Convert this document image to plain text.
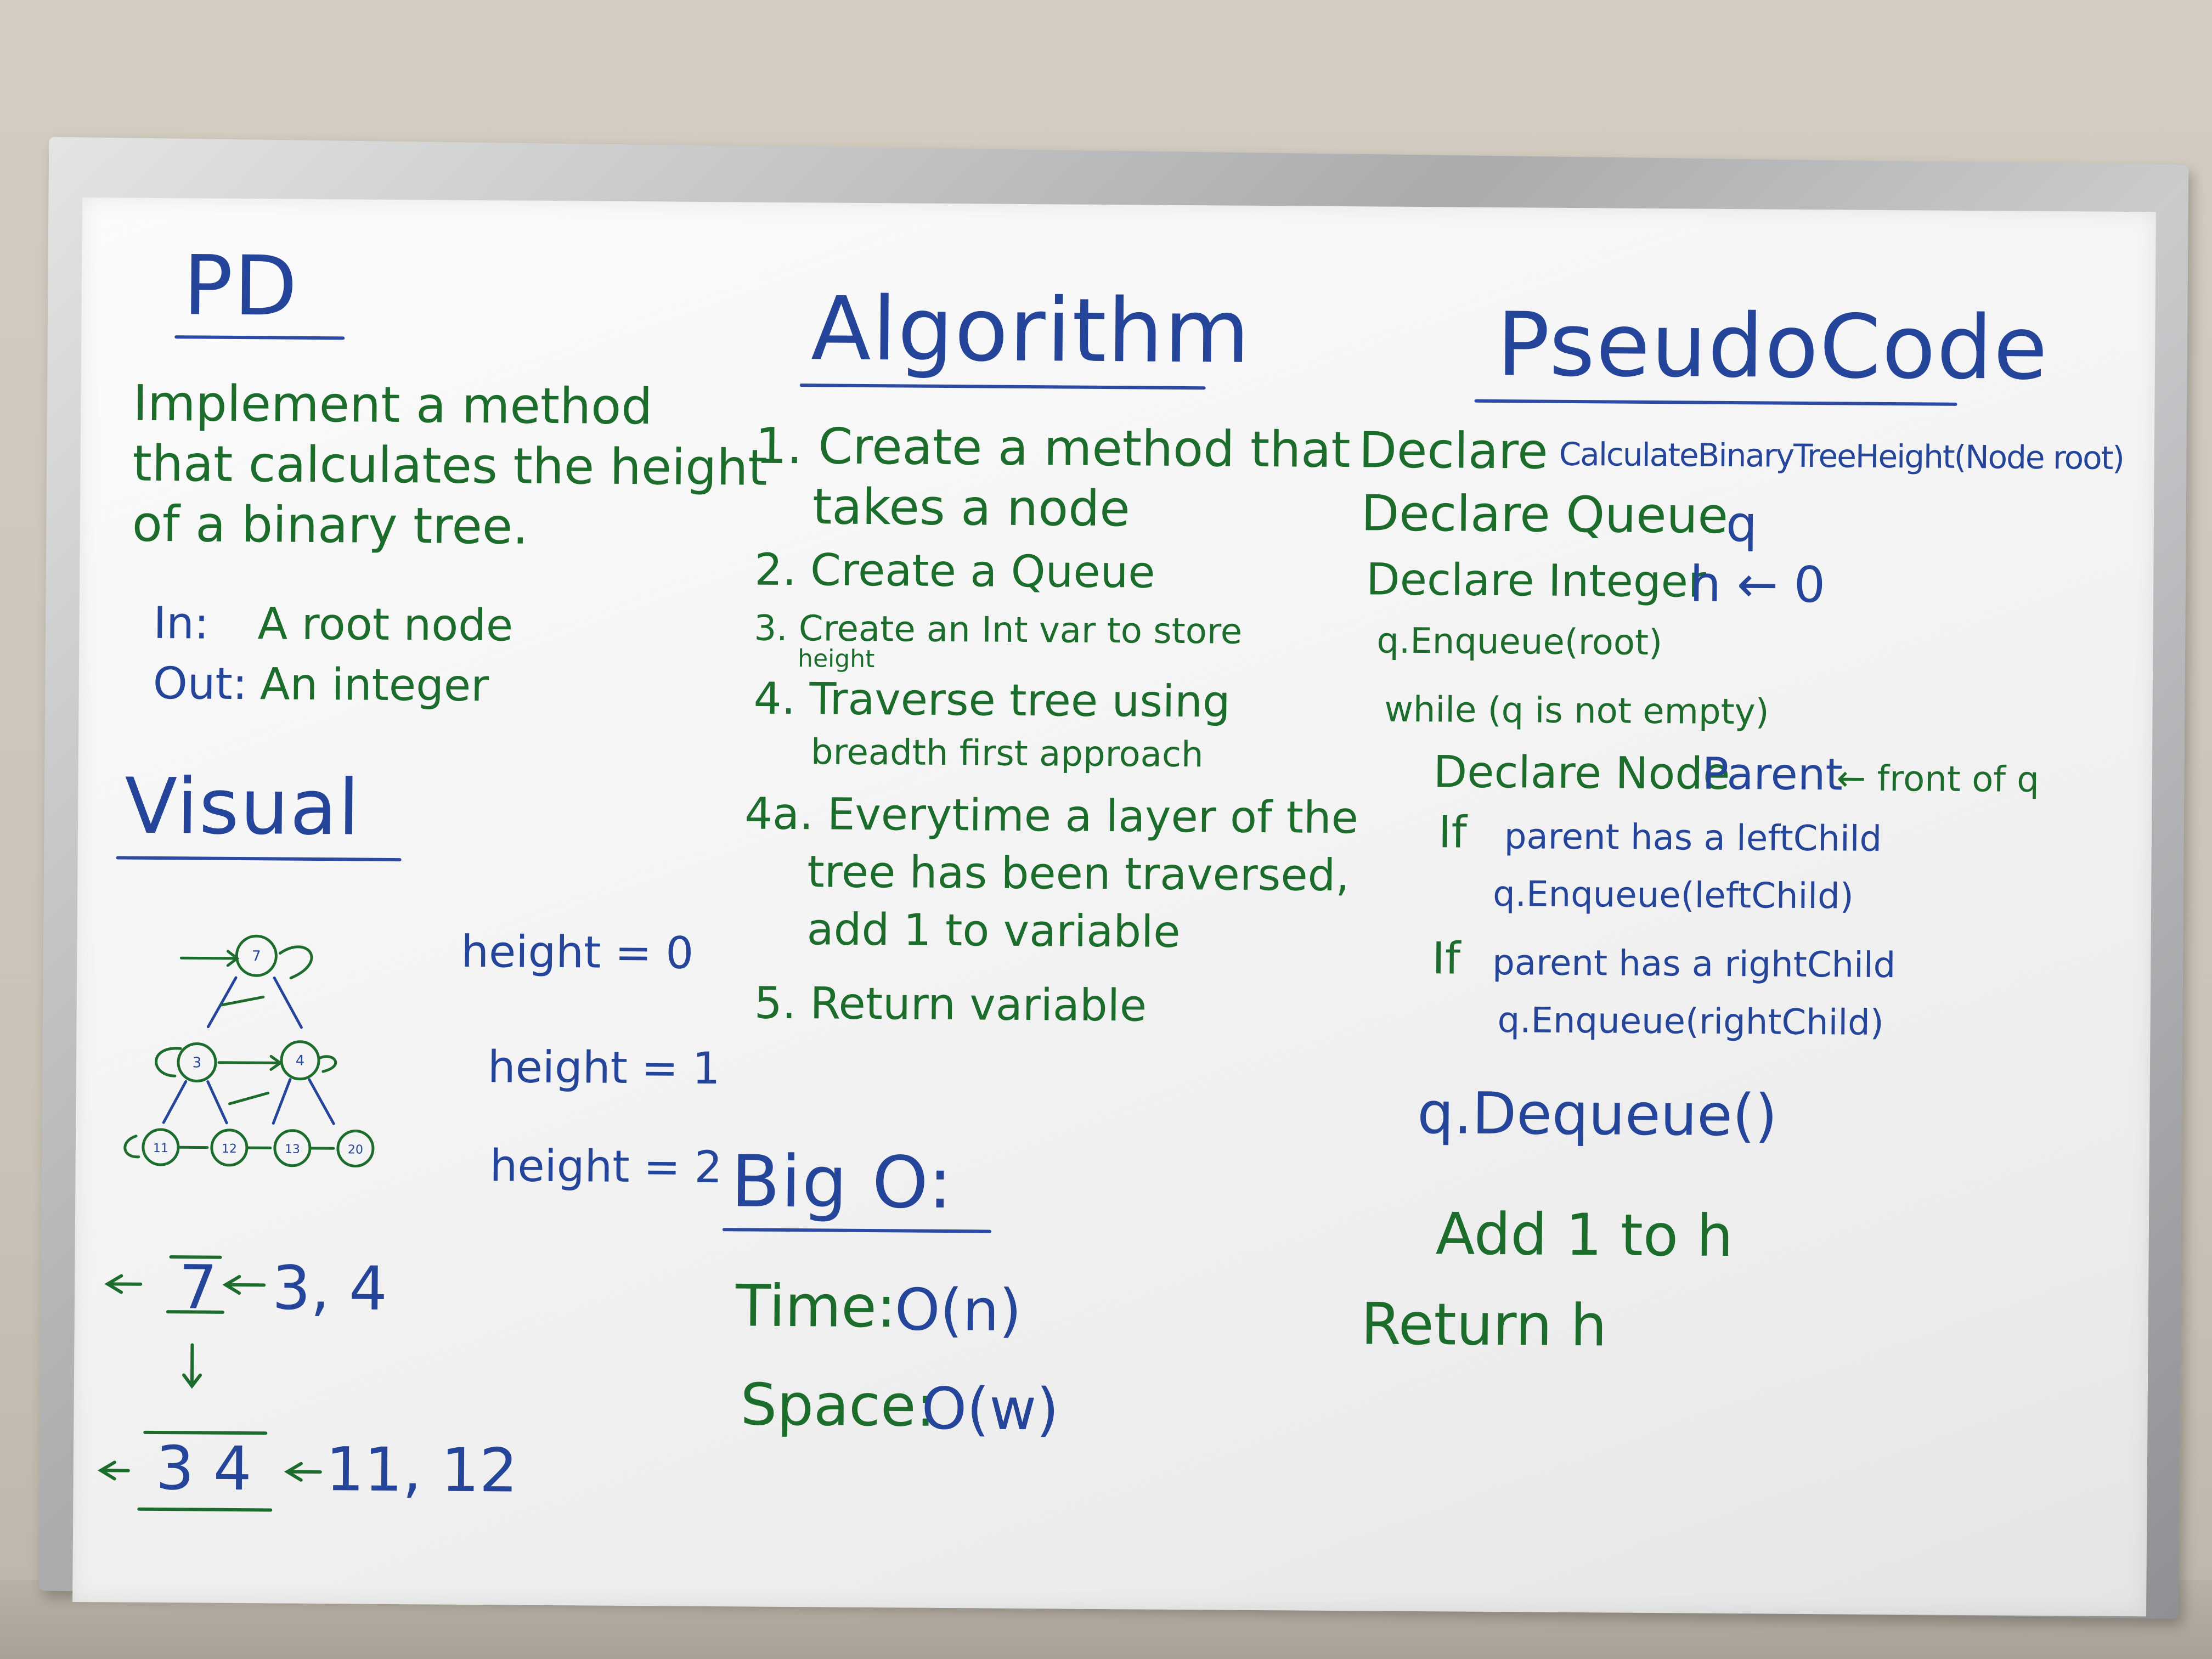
PD
Implement a method
that calculates the height
of a binary tree.
In: A root node
Out: An integer
Visual
7
3	4
11	12	13	20
height = 0
height = 1
height = 2
7 3, 4
3 4 11, 12
Algorithm
1. Create a method that
takes a node
2. Create a Queue
3. Create an Int var to store
height
4. Traverse tree using
breadth first approach
4a. Everytime a layer of the
tree has been traversed,
add 1 to variable
5. Return variable
Big O:
Time:
O(n)
Space:
O(w)
PseudoCode
Declare CalculateBinaryTreeHeight(Node root)
Declare Queue
q
Declare Integer
h ← 0
q.Enqueue(root)
while (q is not empty)
Declare Node
Parent
← front of q
If parent has a leftChild
q.Enqueue(leftChild)
If parent has a rightChild
q.Enqueue(rightChild)
q.Dequeue()
Add 1 to h
Return h
